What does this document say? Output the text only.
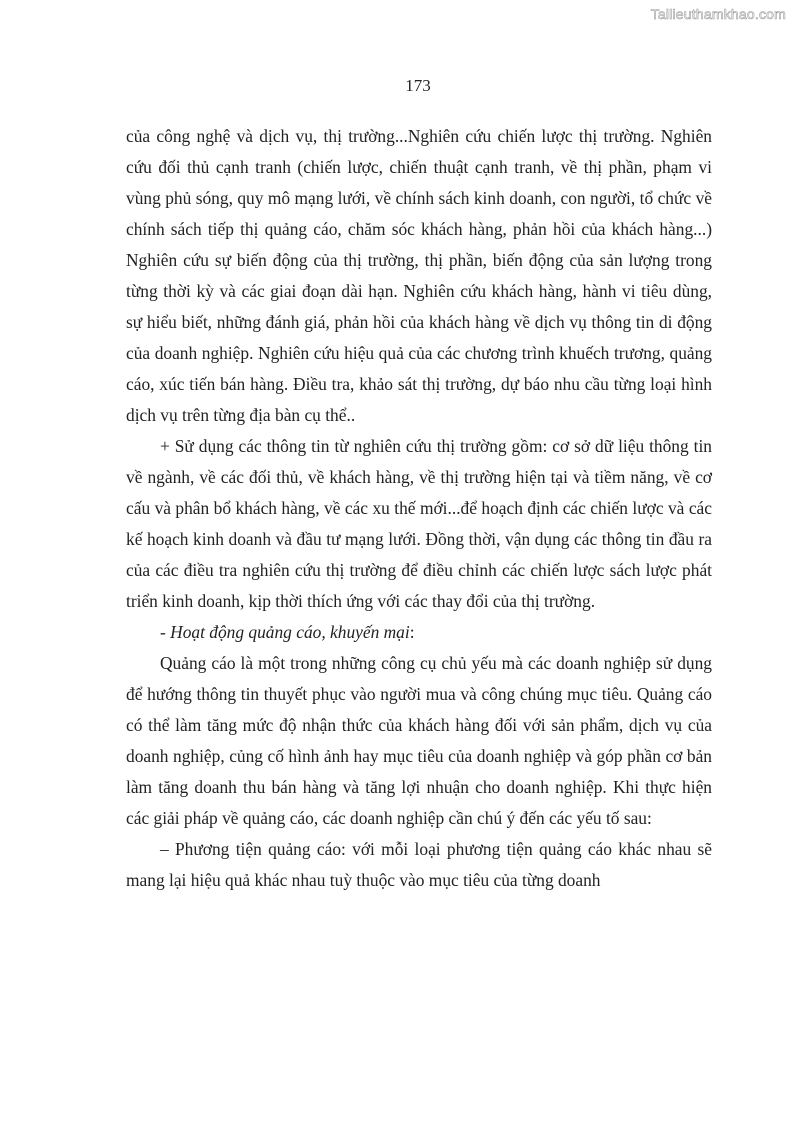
Tailieuthamkhao.com
173

của công nghệ và dịch vụ, thị trường...Nghiên cứu chiến lược thị trường. Nghiên cứu đối thủ cạnh tranh (chiến lược, chiến thuật cạnh tranh, về thị phần, phạm vi vùng phủ sóng, quy mô mạng lưới, về chính sách kinh doanh, con người, tổ chức về chính sách tiếp thị quảng cáo, chăm sóc khách hàng, phản hồi của khách hàng...) Nghiên cứu sự biến động của thị trường, thị phần, biến động của sản lượng trong từng thời kỳ và các giai đoạn dài hạn. Nghiên cứu khách hàng, hành vi tiêu dùng, sự hiểu biết, những đánh giá, phản hồi của khách hàng về dịch vụ thông tin di động của doanh nghiệp. Nghiên cứu hiệu quả của các chương trình khuếch trương, quảng cáo, xúc tiến bán hàng. Điều tra, khảo sát thị trường, dự báo nhu cầu từng loại hình dịch vụ trên từng địa bàn cụ thể..

+ Sử dụng các thông tin từ nghiên cứu thị trường gồm: cơ sở dữ liệu thông tin về ngành, về các đối thủ, về khách hàng, về thị trường hiện tại và tiềm năng, về cơ cấu và phân bổ khách hàng, về các xu thế mới...để hoạch định các chiến lược và các kế hoạch kinh doanh và đầu tư mạng lưới. Đồng thời, vận dụng các thông tin đầu ra của các điều tra nghiên cứu thị trường để điều chỉnh các chiến lược sách lược phát triển kinh doanh, kịp thời thích ứng với các thay đổi của thị trường.

- Hoạt động quảng cáo, khuyến mại:

Quảng cáo là một trong những công cụ chủ yếu mà các doanh nghiệp sử dụng để hướng thông tin thuyết phục vào người mua và công chúng mục tiêu. Quảng cáo có thể làm tăng mức độ nhận thức của khách hàng đối với sản phẩm, dịch vụ của doanh nghiệp, củng cố hình ảnh hay mục tiêu của doanh nghiệp và góp phần cơ bản làm tăng doanh thu bán hàng và tăng lợi nhuận cho doanh nghiệp. Khi thực hiện các giải pháp về quảng cáo, các doanh nghiệp cần chú ý đến các yếu tố sau:

– Phương tiện quảng cáo: với mỗi loại phương tiện quảng cáo khác nhau sẽ mang lại hiệu quả khác nhau tuỳ thuộc vào mục tiêu của từng doanh
